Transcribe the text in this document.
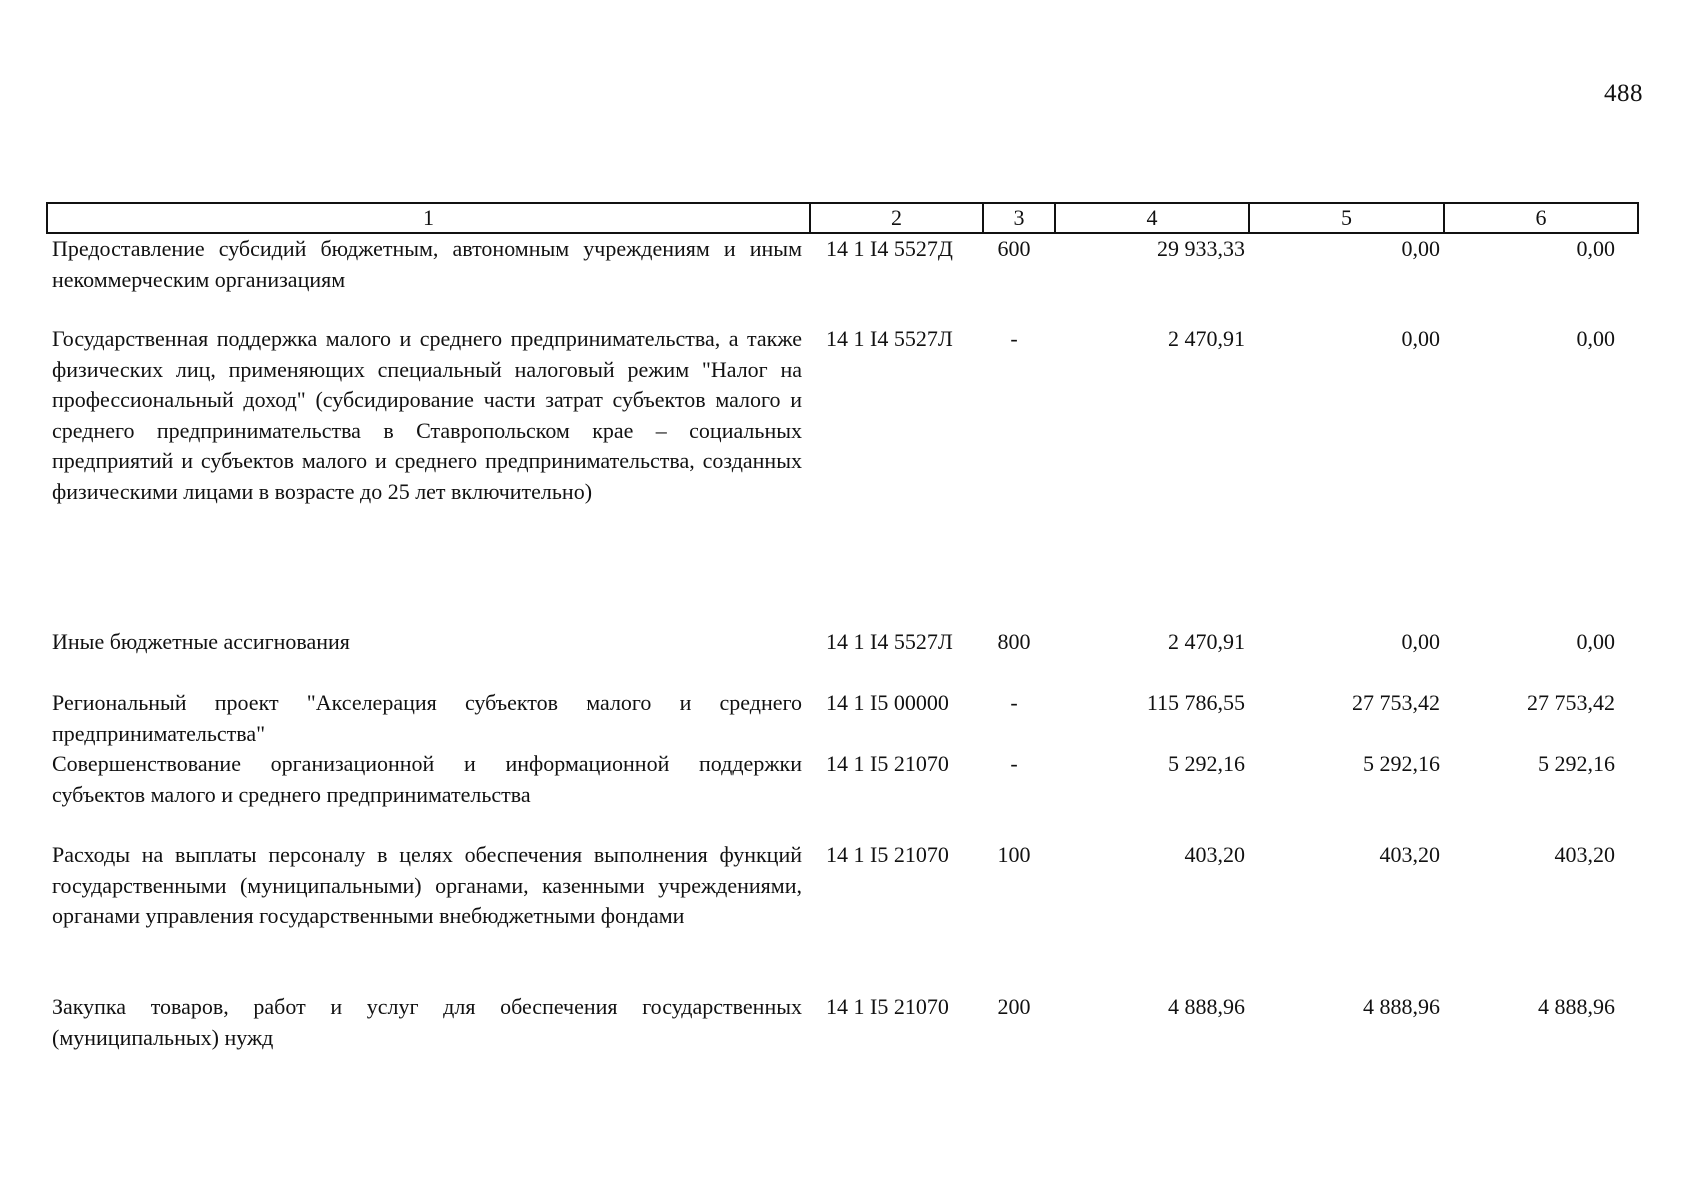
488
1	2	3	4	5	6
Предоставление субсидий бюджетным, автономным учреждениям и иным некоммерческим организациям	14 1 I4 5527Д	600	29 933,33	0,00	0,00
Государственная поддержка малого и среднего предпринимательства, а также физических лиц, применяющих специальный налоговый режим "Налог на профессиональный доход" (субсидирование части затрат субъектов малого и среднего предпринимательства в Ставропольском крае – социальных предприятий и субъектов малого и среднего предпринимательства, созданных физическими лицами в возрасте до 25 лет включительно)	14 1 I4 5527Л	-	2 470,91	0,00	0,00
Иные бюджетные ассигнования	14 1 I4 5527Л	800	2 470,91	0,00	0,00
Региональный проект "Акселерация субъектов малого и среднего предпринимательства"	14 1 I5 00000	-	115 786,55	27 753,42	27 753,42
Совершенствование организационной и информационной поддержки субъектов малого и среднего предпринимательства	14 1 I5 21070	-	5 292,16	5 292,16	5 292,16
Расходы на выплаты персоналу в целях обеспечения выполнения функций государственными (муниципальными) органами, казенными учреждениями, органами управления государственными внебюджетными фондами	14 1 I5 21070	100	403,20	403,20	403,20
Закупка товаров, работ и услуг для обеспечения государственных (муниципальных) нужд	14 1 I5 21070	200	4 888,96	4 888,96	4 888,96
